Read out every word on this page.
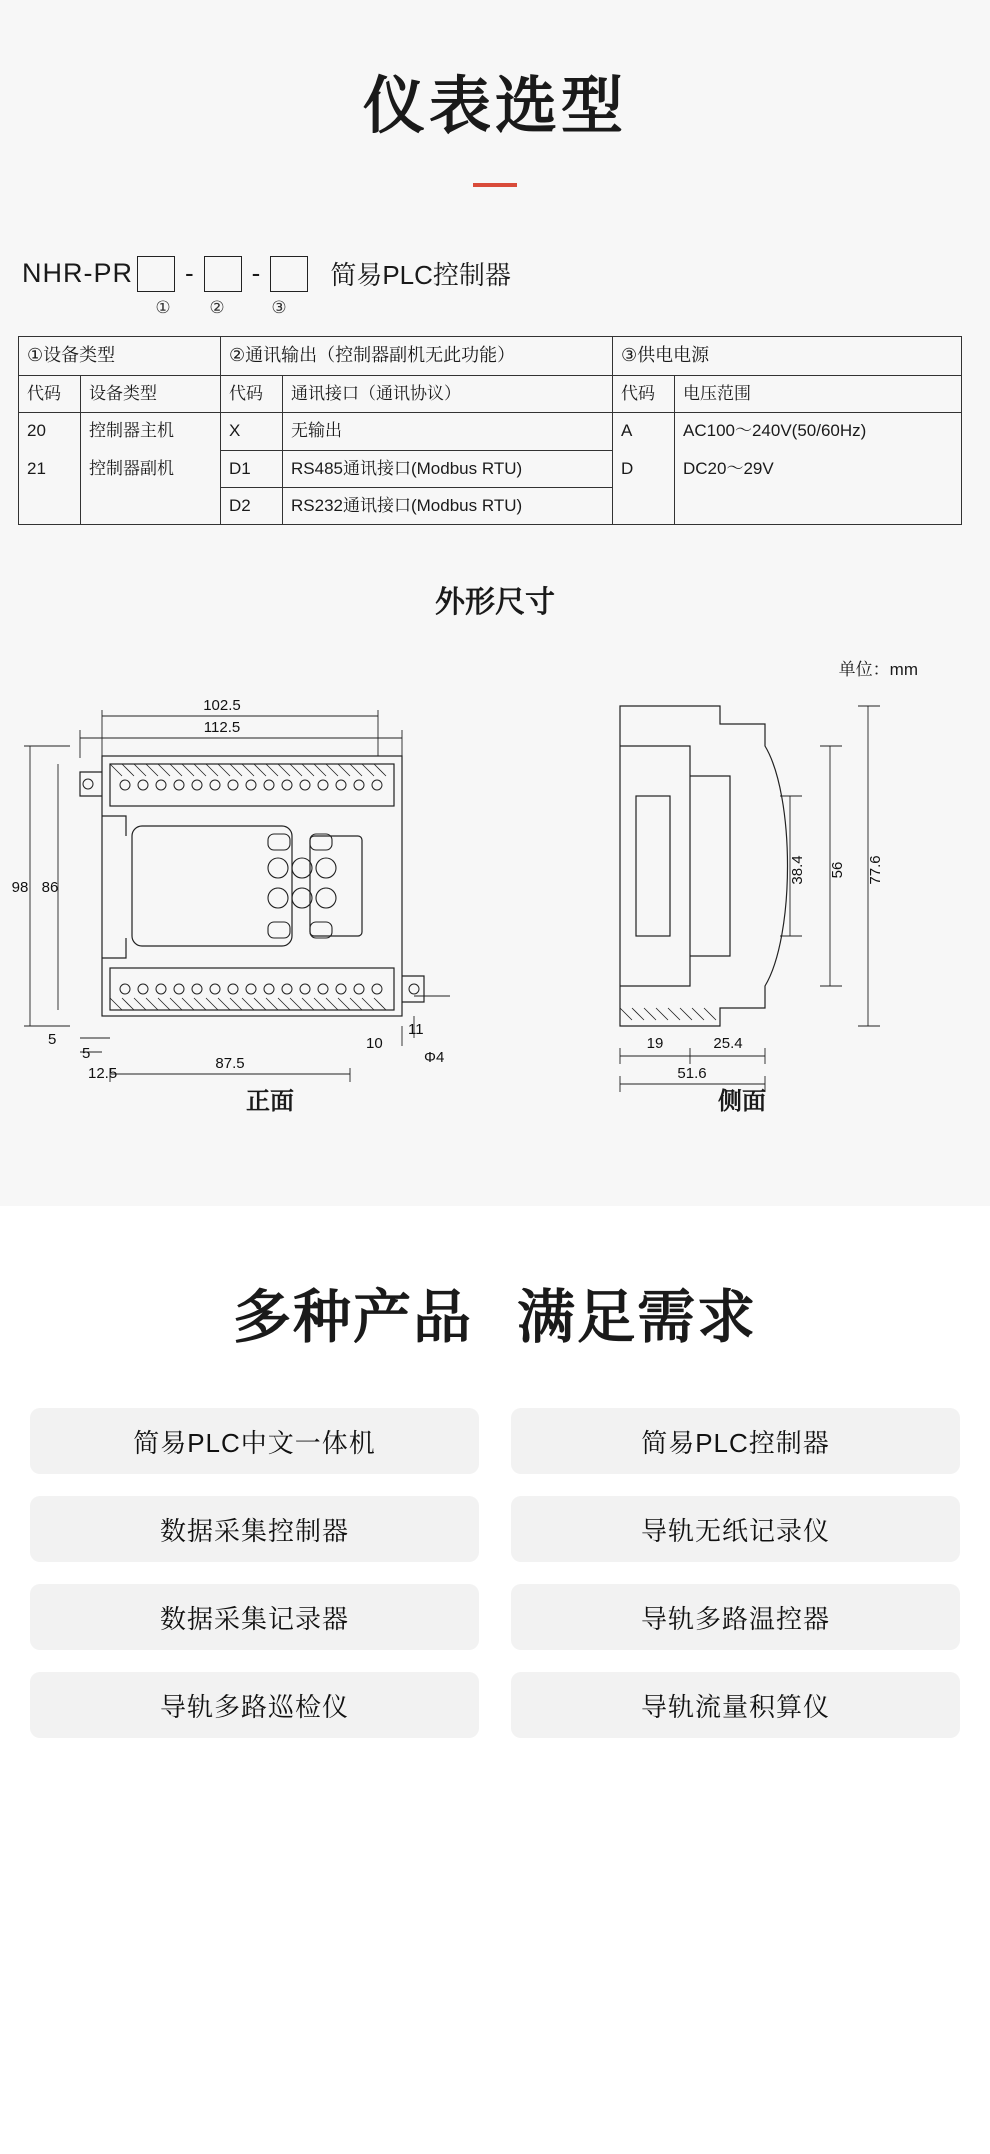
仪表选型
NHR-PR - -	简易PLC控制器
①	②	③
①设备类型		②通讯输出（控制器副机无此功能）		③供电电源	
代码	设备类型	代码	通讯接口（通讯协议）	代码	电压范围
20	控制器主机	X	无输出	A	AC100～240V(50/60Hz)
21	控制器副机	D1	RS485通讯接口(Modbus RTU)	D	DC20～29V
		D2	RS232通讯接口(Modbus RTU)		
外形尺寸
单位：mm
112.5
102.5
98 86
87.5
5
5
12.5
10
11
Φ4
77.6
56
38.4
19	25.4
51.6
正面	侧面
多种产品 满足需求
简易PLC中文一体机	简易PLC控制器
数据采集控制器	导轨无纸记录仪
数据采集记录器	导轨多路温控器
导轨多路巡检仪	导轨流量积算仪
